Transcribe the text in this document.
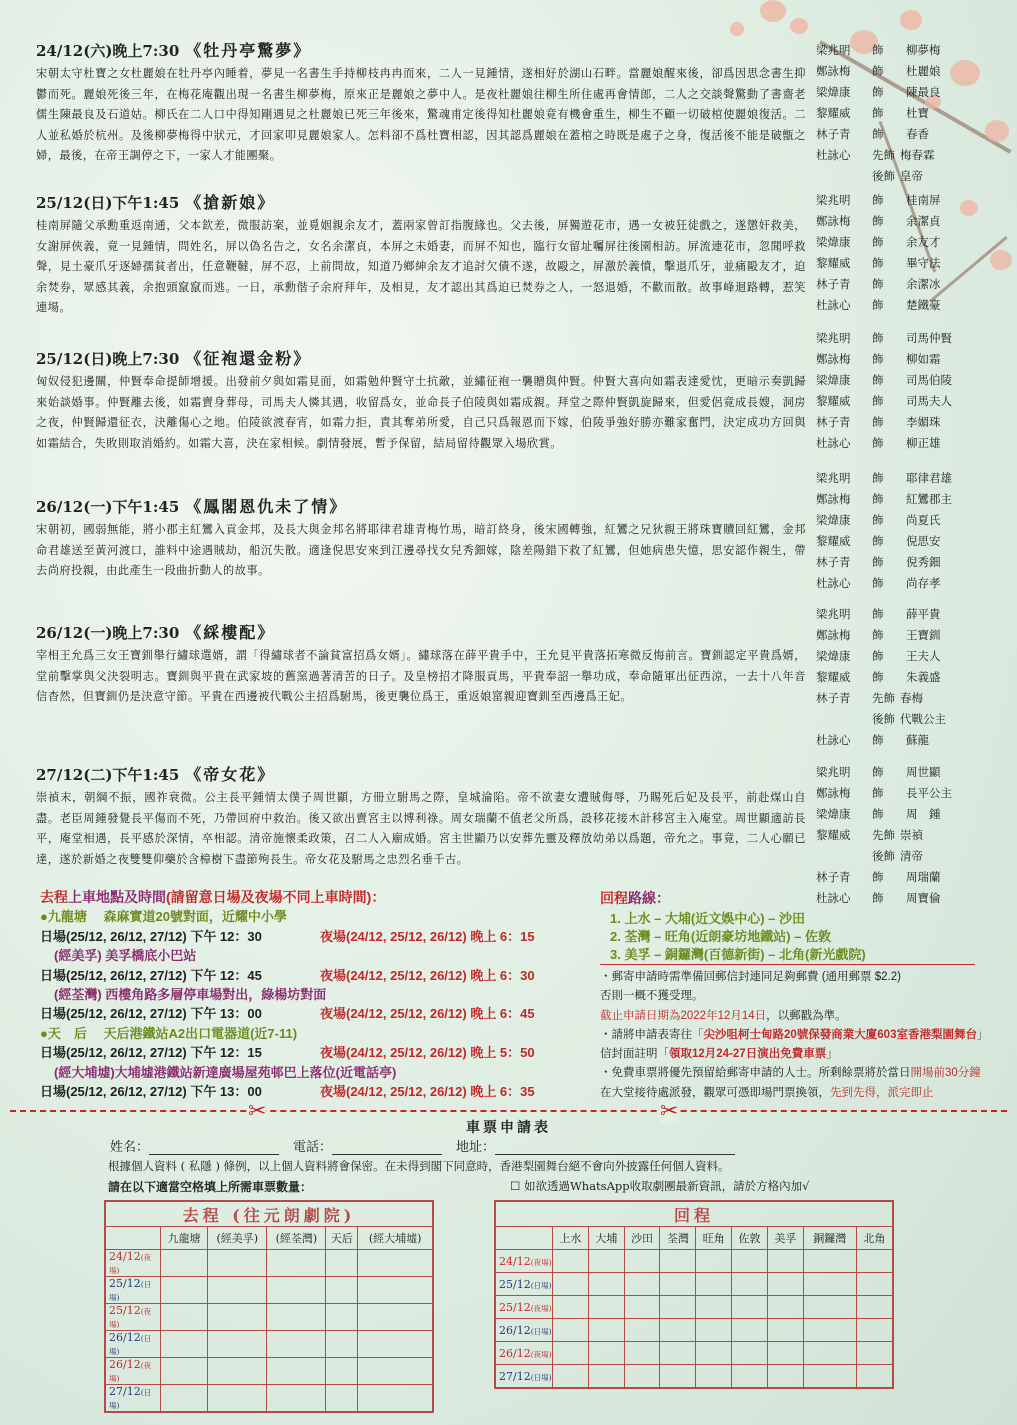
24/12(六)晚上7:30 《牡丹亭驚夢》
宋朝太守杜寶之女杜麗娘在牡丹亭內睡着，夢見一名書生手持柳枝冉冉而來，二人一見鍾情，遂相好於湖山石畔。當麗娘醒來後，卻爲因思念書生抑鬱而死。麗娘死後三年，在梅花庵觀出現一名書生柳夢梅，原來正是麗娘之夢中人。是夜杜麗娘往柳生所住處再會情郎，二人之交談聲驚動了書齋老儒生陳最良及石道姑。柳氏在二人口中得知剛遇見之杜麗娘已死三年後來，驚魂甫定後得知杜麗娘竟有機會重生，柳生不顧一切破棺使麗娘復活。二人並私婚於杭州。及後柳夢梅得中狀元，才回家叩見麗娘家人。怎料卻不爲杜寶相認，因其認爲麗娘在蓋棺之時既是處子之身，復活後不能是破甑之婦，最後，在帝王調停之下，一家人才能團聚。
25/12(日)下午1:45 《搶新娘》
桂南屏隨父承勳重返南通，父本欽差，微服訪案，並覓姻親余友才，蓋兩家曾訂指腹緣也。父去後，屏獨遊花市，遇一女被狂徒戲之，遂懲奸救美，女謝屏俠義，竟一見鍾情，問姓名，屏以偽名告之，女名余潔貞，本屏之未婚妻，而屏不知也，臨行女留址囑屏往後園相訪。屏流連花市，忽聞呼救聲，見土豪爪牙逐婦孺貧者出，任意鞭韃，屏不忍，上前問故，知道乃鄉紳余友才追討欠債不遂，故毆之，屏激於義憤，擊退爪牙，並痛毆友才，迫余焚券，眾感其義，余抱頭竄竄而逃。一日，承勳偕子余府拜年，及相見，友才認出其爲迫已焚券之人，一怒退婚，不歡而散。故事峰迴路轉，惹笑連場。
25/12(日)晚上7:30 《征袍還金粉》
匈奴侵犯邊關，仲賢奉命提師增援。出發前夕與如霜見面，如霜勉仲賢守土抗敵，並繡征袍一襲贈與仲賢。仲賢大喜向如霜表達愛忱，更暗示奏凱歸來始談婚事。仲賢離去後，如霜賣身葬母，司馬夫人憐其遇，收留爲女，並命長子伯陵與如霜成親。拜堂之際仲賢凱旋歸來，但愛侶竟成長嫂，洞房之夜，仲賢歸還征衣，決離傷心之地。伯陵欲渡春宵，如霜力拒，責其奪弟所愛，自己只爲報恩而下嫁，伯陵爭強好勝亦難家奮門，決定成功方回與如霜結合，失敗則取消婚約。如霜大喜，決在家相候。劇情發展，暫予保留，結局留待觀眾入場欣賞。
26/12(一)下午1:45 《鳳閣恩仇未了情》
宋朝初，國弱無能，將小郡主紅鸞入貢金邦，及長大與金邦名將耶律君雄青梅竹馬，暗訂終身，後宋國轉強，紅鸞之兄狄親王將珠寶贖回紅鸞，金邦命君雄送至黃河渡口，誰料中途遇賊劫，船沉失散。適逢倪思安來到江邊尋找女兒秀鈿嫁，陰差陽錯下救了紅鸞，但她病患失憶，思安認作親生，帶去尚府投親，由此產生一段曲折動人的故事。
26/12(一)晚上7:30 《綵樓配》
宰相王允爲三女王寶釧舉行繡球選婿，謂「得繡球者不論貧富招爲女婿」。繡球落在薛平貴手中，王允見平貴落拓寒微反悔前言。寶釧認定平貴爲婿，堂前擊掌與父決裂明志。寶釧與平貴在武家坡的舊窯過著清苦的日子。及皇榜招才降服貢馬，平貴奉詔一舉功成，奉命隨軍出征西涼，一去十八年音信杳然，但寶釧仍是決意守節。平貴在西邊被代戰公主招爲駙馬，後更襲位爲王，重返娘窰親迎寶釧至西邊爲王妃。
27/12(二)下午1:45 《帝女花》
崇禎末，朝綱不振，國祚衰微。公主長平鍾情太僕子周世顯，方冊立駙馬之際，皇城淪陷。帝不欲妻女遭賊侮辱，乃賜死后妃及長平，前赴煤山自盡。老臣周鍾發覺長平傷而不死，乃帶回府中救治。後又欲出賣宮主以博利祿。周女瑞蘭不值老父所爲，設移花接木計移宮主入庵堂。周世顯適訪長平，庵堂相遇，長平感於深情，卒相認。清帝施懷柔政策，召二人入廟成婚。宮主世顯乃以安葬先靈及釋放幼弟以爲題，帝允之。事竟，二人心願已達，遂於新婚之夜雙雙仰藥於含樟樹下盡節殉長生。帝女花及駙馬之忠烈名垂千古。
梁兆明	飾	柳夢梅
鄭詠梅	飾	杜麗娘
梁煒康	飾	陳最良
黎耀威	飾	杜寶
林子青	飾	春香
杜詠心	先飾 梅春霖
後飾 皇帝
梁兆明	飾	桂南屏
鄭詠梅	飾	余潔貞
梁煒康	飾	余友才
黎耀威	飾	畢守法
林子青	飾	余潔冰
杜詠心	飾	楚鐵豪
梁兆明	飾	司馬仲賢
鄭詠梅	飾	柳如霜
梁煒康	飾	司馬伯陵
黎耀威	飾	司馬夫人
林子青	飾	李媚珠
杜詠心	飾	柳正雄
梁兆明	飾	耶律君雄
鄭詠梅	飾	紅鸞郡主
梁煒康	飾	尚夏氏
黎耀威	飾	倪思安
林子青	飾	倪秀鈿
杜詠心	飾	尚存孝
梁兆明	飾	薛平貴
鄭詠梅	飾	王寶釧
梁煒康	飾	王夫人
黎耀威	飾	朱義盛
林子青	先飾 春梅
後飾 代戰公主
杜詠心	飾	蘇龍
梁兆明	飾	周世顯
鄭詠梅	飾	長平公主
梁煒康	飾	周　鍾
黎耀威	先飾 崇禎
後飾 清帝
林子青	飾	周瑞蘭
杜詠心	飾	周寶倫
去程上車地點及時間(請留意日場及夜場不同上車時間)：
●九龍塘　 森麻實道20號對面，近耀中小學
日場(25/12, 26/12, 27/12) 下午 12：30	夜場(24/12, 25/12, 26/12) 晚上 6：15
(經美孚) 美孚橋底小巴站
日場(25/12, 26/12, 27/12) 下午 12：45	夜場(24/12, 25/12, 26/12) 晚上 6：30
(經荃灣) 西樓角路多層停車場對出，綠楊坊對面
日場(25/12, 26/12, 27/12) 下午 13：00	夜場(24/12, 25/12, 26/12) 晚上 6：45
●天　后　 天后港鐵站A2出口電器道(近7-11)
日場(25/12, 26/12, 27/12) 下午 12：15	夜場(24/12, 25/12, 26/12) 晚上 5：50
(經大埔墟)大埔墟港鐵站新達廣場屋苑邨巴上落位(近電話亭)
日場(25/12, 26/12, 27/12) 下午 13：00	夜場(24/12, 25/12, 26/12) 晚上 6：35
回程路線：
1. 上水 – 大埔(近文娛中心) – 沙田
2. 荃灣 – 旺角(近朗豪坊地鐵站) – 佐敦
3. 美孚 – 銅鑼灣(百德新街) – 北角(新光戲院)
・郵寄申請時需準備回郵信封連同足夠郵費 (通用郵票 $2.2)
否則一概不獲受理。
截止申請日期為2022年12月14日，以郵戳為準。
・請將申請表寄往「尖沙咀柯士甸路20號保發商業大廈603室香港梨園舞台」
信封面註明「領取12月24-27日演出免費車票」
・免費車票將優先預留給郵寄申請的人士。所剩餘票將於當日開場前30分鐘
在大堂接待處派發，觀眾可憑即場門票換領，先到先得，派完即止
✂	✂
車票申請表
姓名：	電話：	地址：
根據個人資料 ( 私隱 ) 條例，以上個人資料將會保密。在未得到閣下同意時，香港梨園舞台絕不會向外披露任何個人資料。
請在以下適當空格填上所需車票數量：	☐ 如欲透過WhatsApp收取劇團最新資訊，請於方格內加√
去程 (往元朗劇院)					
	九龍塘	(經美孚)	(經荃灣)	天后	(經大埔墟)
24/12(夜場)					
25/12(日場)					
25/12(夜場)					
26/12(日場)					
26/12(夜場)					
27/12(日場)					
回程									
	上水	大埔	沙田	荃灣	旺角	佐敦	美孚	銅鑼灣	北角
24/12(夜場)									
25/12(日場)									
25/12(夜場)									
26/12(日場)									
26/12(夜場)									
27/12(日場)									
